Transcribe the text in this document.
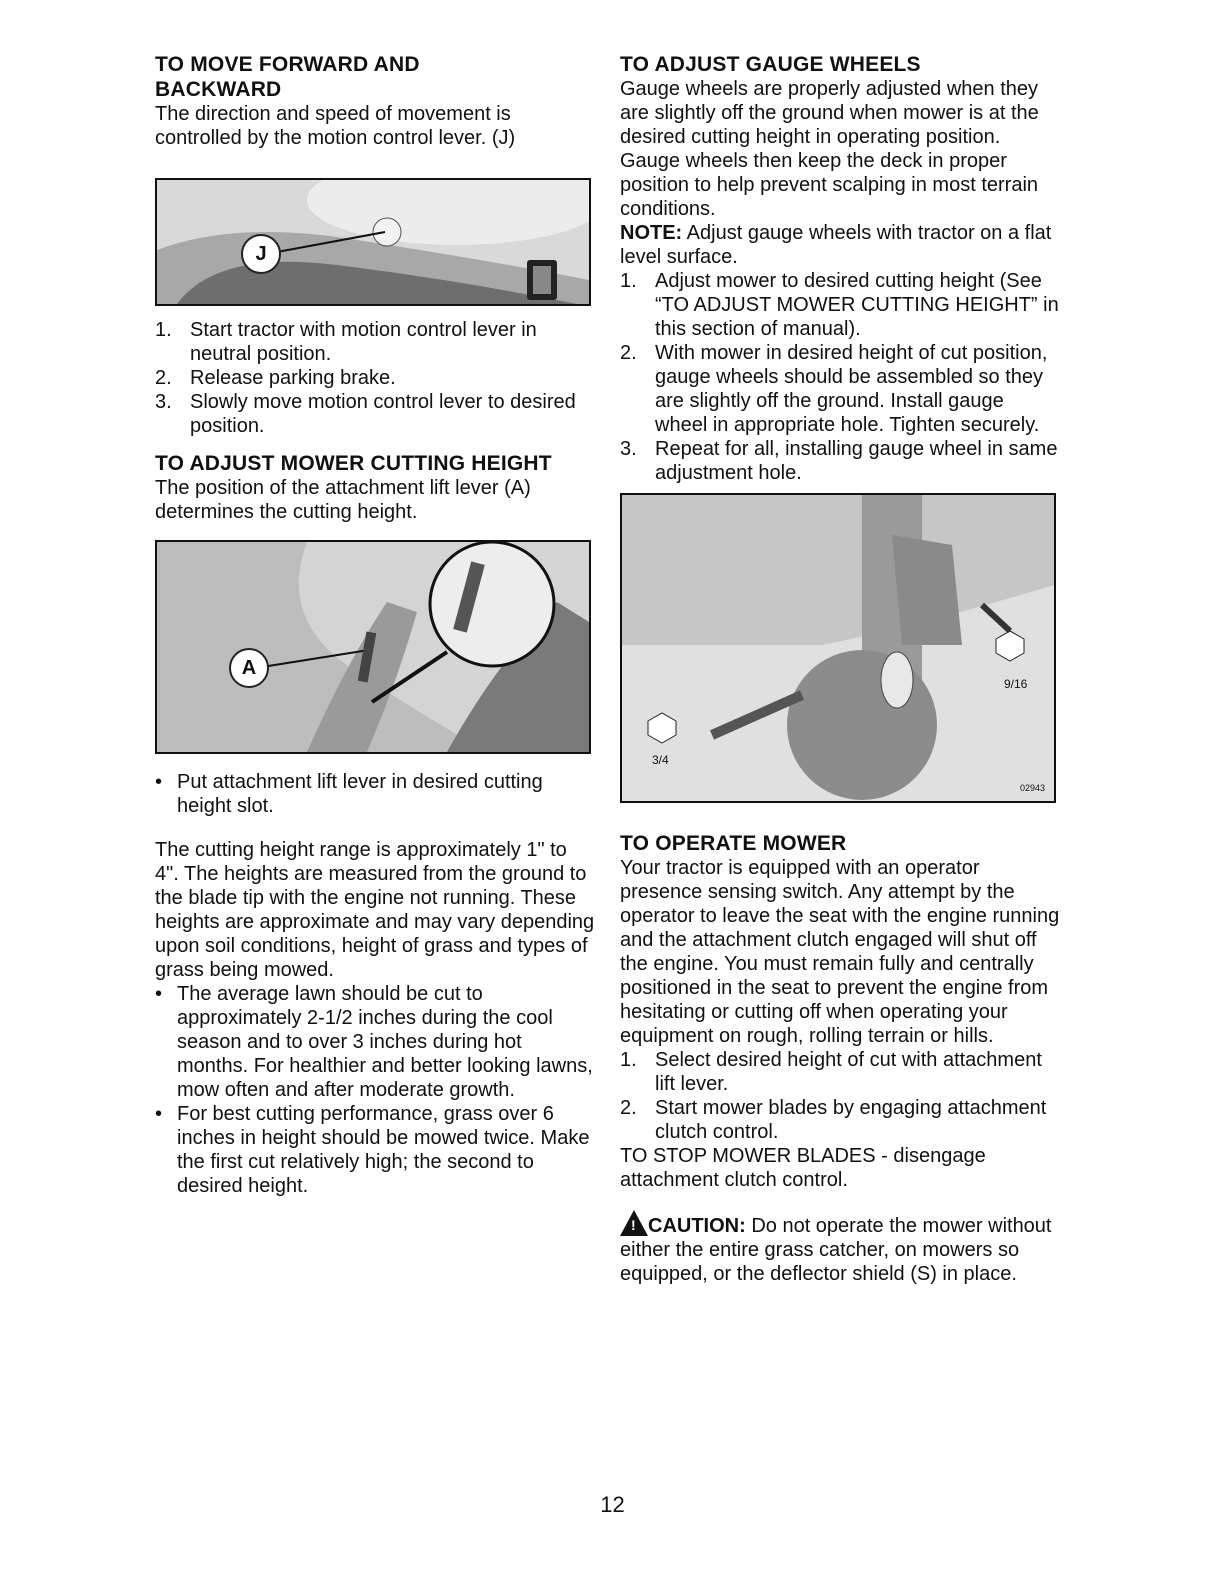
TO MOVE FORWARD AND
BACKWARD

The direction and speed of movement is controlled by the motion control lever. (J)

J
1. Start tractor with motion control lever in neutral position.
2. Release parking brake.
3. Slowly move motion control lever to desired position.
TO ADJUST MOWER CUTTING HEIGHT

The position of the attachment lift lever (A) determines the cutting height.

A
• Put attachment lift lever in desired cutting height slot.

The cutting height range is approximately 1" to 4". The heights are measured from the ground to the blade tip with the engine not running. These heights are approximate and may vary depending upon soil conditions, height of grass and types of grass being mowed.

• The average lawn should be cut to approximately 2-1/2 inches during the cool season and to over 3 inches during hot months. For healthier and better looking lawns, mow often and after moderate growth.
• For best cutting performance, grass over 6 inches in height should be mowed twice. Make the first cut relatively high; the second to desired height.
TO ADJUST GAUGE WHEELS

Gauge wheels are properly adjusted when they are slightly off the ground when mower is at the desired cutting height in operating position. Gauge wheels then keep the deck in proper position to help prevent scalping in most terrain conditions.

NOTE: Adjust gauge wheels with tractor on a flat level surface.

1. Adjust mower to desired cutting height (See “TO ADJUST MOWER CUTTING HEIGHT” in this section of manual).
2. With mower in desired height of cut position, gauge wheels should be assembled so they are slightly off the ground. Install gauge wheel in appropriate hole. Tighten securely.
3. Repeat for all, installing gauge wheel in same adjustment hole.
9/16
3/4
02943
TO OPERATE MOWER

Your tractor is equipped with an operator presence sensing switch. Any attempt by the operator to leave the seat with the engine running and the attachment clutch engaged will shut off the engine. You must remain fully and centrally positioned in the seat to prevent the engine from hesitating or cutting off when operating your equipment on rough, rolling terrain or hills.

1. Select desired height of cut with attachment lift lever.
2. Start mower blades by engaging attachment clutch control.

TO STOP MOWER BLADES - disengage attachment clutch control.

! CAUTION: Do not operate the mower without either the entire grass catcher, on mowers so equipped, or the deflector shield (S) in place.

12
